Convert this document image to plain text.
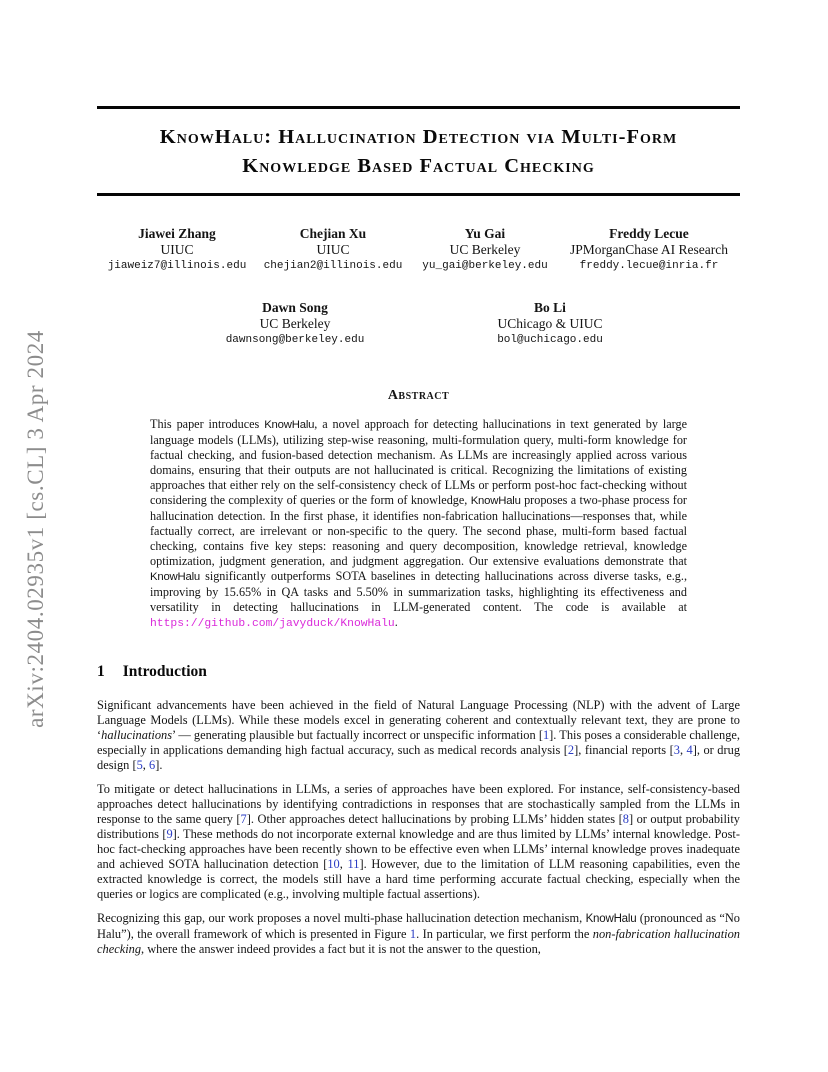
arXiv:2404.02935v1 [cs.CL] 3 Apr 2024
KnowHalu: Hallucination Detection via Multi-Form
Knowledge Based Factual Checking
Jiawei Zhang
UIUC
jiaweiz7@illinois.edu
Chejian Xu
UIUC
chejian2@illinois.edu
Yu Gai
UC Berkeley
yu_gai@berkeley.edu
Freddy Lecue
JPMorganChase AI Research
freddy.lecue@inria.fr
Dawn Song
UC Berkeley
dawnsong@berkeley.edu
Bo Li
UChicago & UIUC
bol@uchicago.edu
Abstract
This paper introduces KnowHalu, a novel approach for detecting hallucinations in text generated by large language models (LLMs), utilizing step-wise reasoning, multi-formulation query, multi-form knowledge for factual checking, and fusion-based detection mechanism. As LLMs are increasingly applied across various domains, ensuring that their outputs are not hallucinated is critical. Recognizing the limitations of existing approaches that either rely on the self-consistency check of LLMs or perform post-hoc fact-checking without considering the complexity of queries or the form of knowledge, KnowHalu proposes a two-phase process for hallucination detection. In the first phase, it identifies non-fabrication hallucinations—responses that, while factually correct, are irrelevant or non-specific to the query. The second phase, multi-form based factual checking, contains five key steps: reasoning and query decomposition, knowledge retrieval, knowledge optimization, judgment generation, and judgment aggregation. Our extensive evaluations demonstrate that KnowHalu significantly outperforms SOTA baselines in detecting hallucinations across diverse tasks, e.g., improving by 15.65% in QA tasks and 5.50% in summarization tasks, highlighting its effectiveness and versatility in detecting hallucinations in LLM-generated content. The code is available at https://github.com/javyduck/KnowHalu.
1 Introduction
Significant advancements have been achieved in the field of Natural Language Processing (NLP) with the advent of Large Language Models (LLMs). While these models excel in generating coherent and contextually relevant text, they are prone to ‘hallucinations’ — generating plausible but factually incorrect or unspecific information [1]. This poses a considerable challenge, especially in applications demanding high factual accuracy, such as medical records analysis [2], financial reports [3, 4], or drug design [5, 6].
To mitigate or detect hallucinations in LLMs, a series of approaches have been explored. For instance, self-consistency-based approaches detect hallucinations by identifying contradictions in responses that are stochastically sampled from the LLMs in response to the same query [7]. Other approaches detect hallucinations by probing LLMs’ hidden states [8] or output probability distributions [9]. These methods do not incorporate external knowledge and are thus limited by LLMs’ internal knowledge. Post-hoc fact-checking approaches have been recently shown to be effective even when LLMs’ internal knowledge proves inadequate and achieved SOTA hallucination detection [10, 11]. However, due to the limitation of LLM reasoning capabilities, even the extracted knowledge is correct, the models still have a hard time performing accurate factual checking, especially when the queries or logics are complicated (e.g., involving multiple factual assertions).
Recognizing this gap, our work proposes a novel multi-phase hallucination detection mechanism, KnowHalu (pronounced as “No Halu”), the overall framework of which is presented in Figure 1. In particular, we first perform the non-fabrication hallucination checking, where the answer indeed provides a fact but it is not the answer to the question,
